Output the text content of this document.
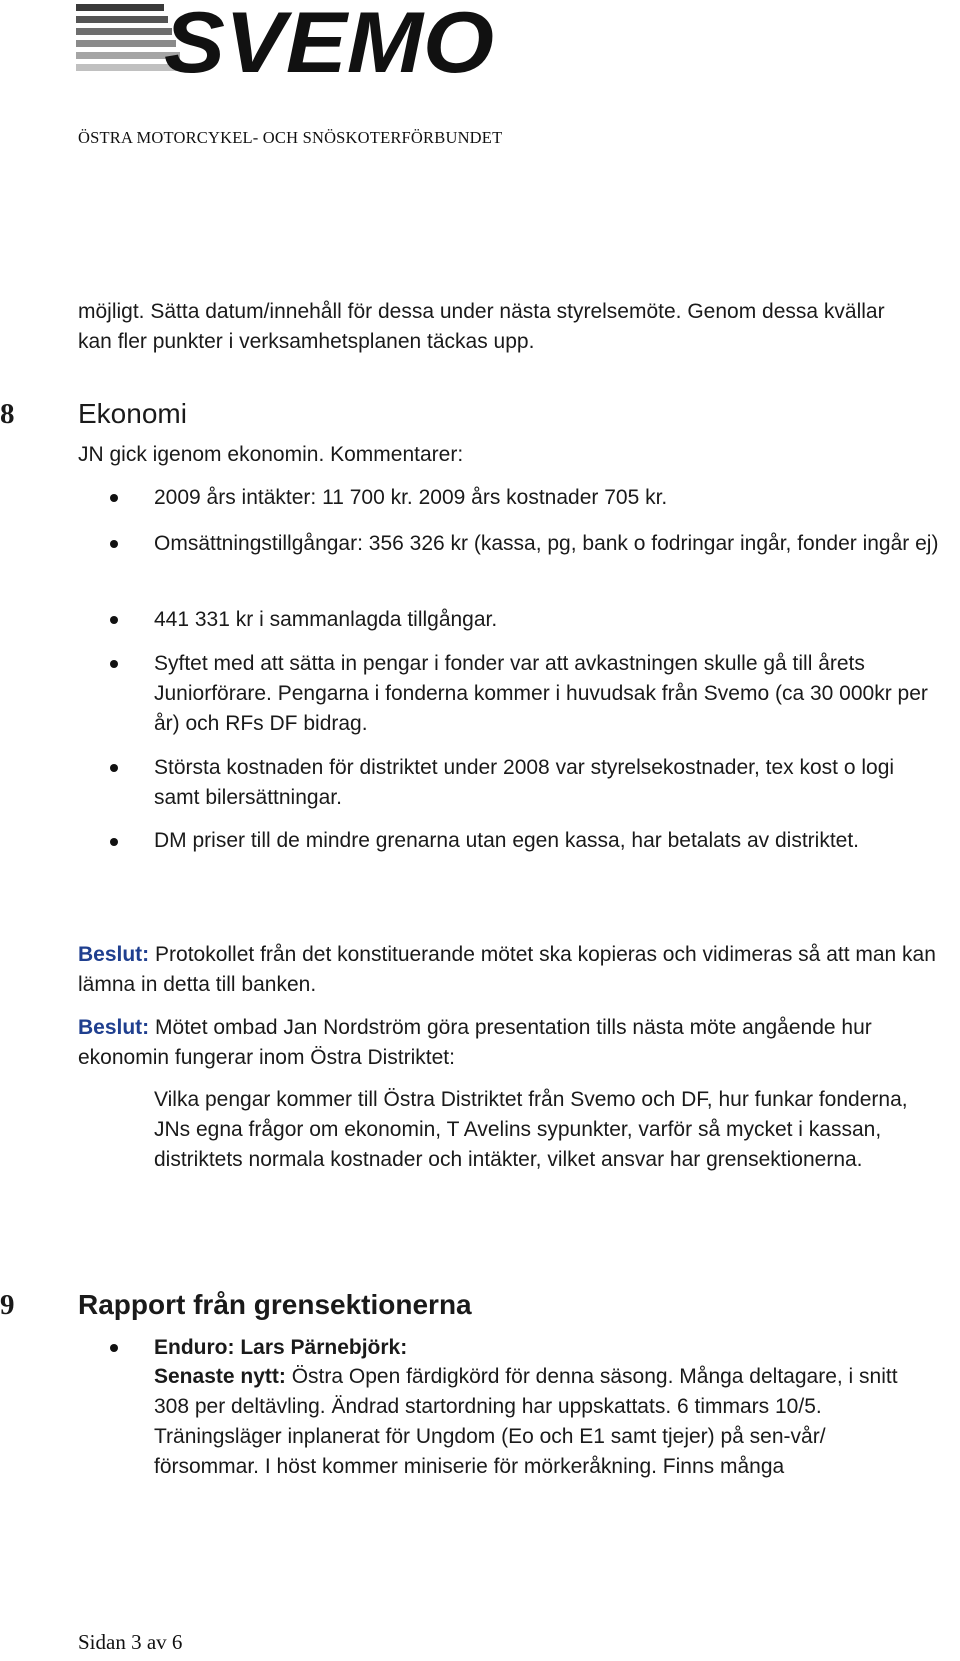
SVEMO
ÖSTRA MOTORCYKEL- OCH SNÖSKOTERFÖRBUNDET
möjligt. Sätta datum/innehåll för dessa under nästa styrelsemöte. Genom dessa kvällar kan fler punkter i verksamhetsplanen täckas upp.
8 Ekonomi
JN gick igenom ekonomin. Kommentarer:
2009 års intäkter: 11 700 kr. 2009 års kostnader 705 kr.
Omsättningstillgångar: 356 326 kr (kassa, pg, bank o fodringar ingår, fonder ingår ej)
441 331 kr i sammanlagda tillgångar.
Syftet med att sätta in pengar i fonder var att avkastningen skulle gå till årets Juniorförare. Pengarna i fonderna kommer i huvudsak från Svemo (ca 30 000kr per år) och RFs DF bidrag.
Största kostnaden för distriktet under 2008 var styrelsekostnader, tex kost o logi samt bilersättningar.
DM priser till de mindre grenarna utan egen kassa, har betalats av distriktet.
Beslut: Protokollet från det konstituerande mötet ska kopieras och vidimeras så att man kan lämna in detta till banken.
Beslut: Mötet ombad Jan Nordström göra presentation tills nästa möte angående hur ekonomin fungerar inom Östra Distriktet:
Vilka pengar kommer till Östra Distriktet från Svemo och DF, hur funkar fonderna, JNs egna frågor om ekonomin, T Avelins sypunkter, varför så mycket i kassan, distriktets normala kostnader och intäkter, vilket ansvar har grensektionerna.
9 Rapport från grensektionerna
Enduro: Lars Pärnebjörk:
Senaste nytt: Östra Open färdigkörd för denna säsong. Många deltagare, i snitt 308 per deltävling. Ändrad startordning har uppskattats. 6 timmars 10/5. Träningsläger inplanerat för Ungdom (Eo och E1 samt tjejer) på sen-vår/ försommar. I höst kommer miniserie för mörkeråkning. Finns många
Sidan 3 av 6
